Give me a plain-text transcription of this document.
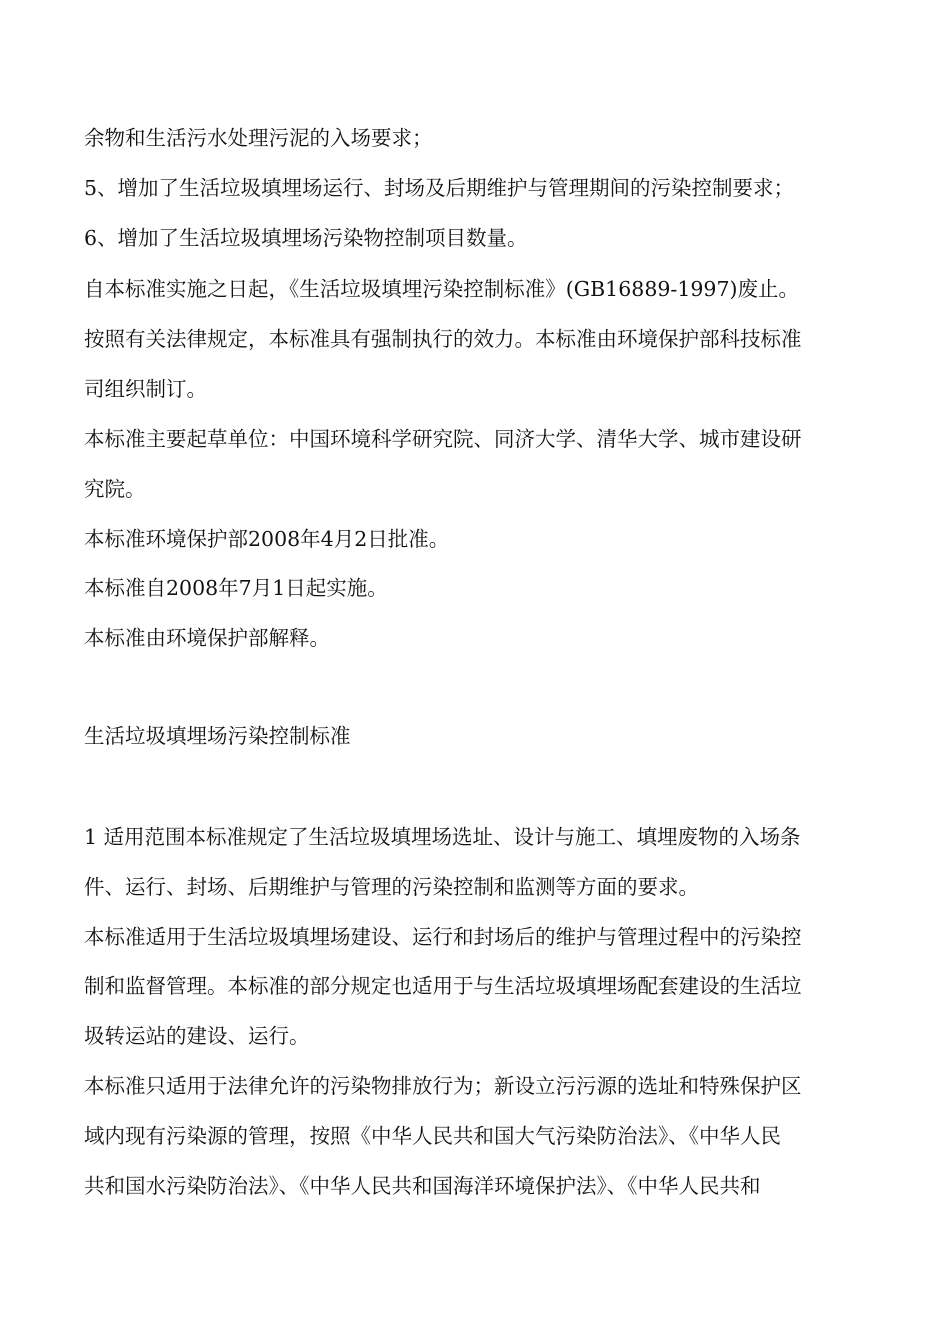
余物和生活污水处理污泥的入场要求；
5、增加了生活垃圾填埋场运行、封场及后期维护与管理期间的污染控制要求；
6、增加了生活垃圾填埋场污染物控制项目数量。
自本标准实施之日起，《生活垃圾填埋污染控制标准》(GB16889-1997)废止。
按照有关法律规定，本标准具有强制执行的效力。本标准由环境保护部科技标准
司组织制订。
本标准主要起草单位：中国环境科学研究院、同济大学、清华大学、城市建设研
究院。
本标准环境保护部2008年4月2日批准。
本标准自2008年7月1日起实施。
本标准由环境保护部解释。
生活垃圾填埋场污染控制标准
1 适用范围本标准规定了生活垃圾填埋场选址、设计与施工、填埋废物的入场条
件、运行、封场、后期维护与管理的污染控制和监测等方面的要求。
本标准适用于生活垃圾填埋场建设、运行和封场后的维护与管理过程中的污染控
制和监督管理。本标准的部分规定也适用于与生活垃圾填埋场配套建设的生活垃
圾转运站的建设、运行。
本标准只适用于法律允许的污染物排放行为；新设立污污源的选址和特殊保护区
域内现有污染源的管理，按照《中华人民共和国大气污染防治法》、《中华人民
共和国水污染防治法》、《中华人民共和国海洋环境保护法》、《中华人民共和
